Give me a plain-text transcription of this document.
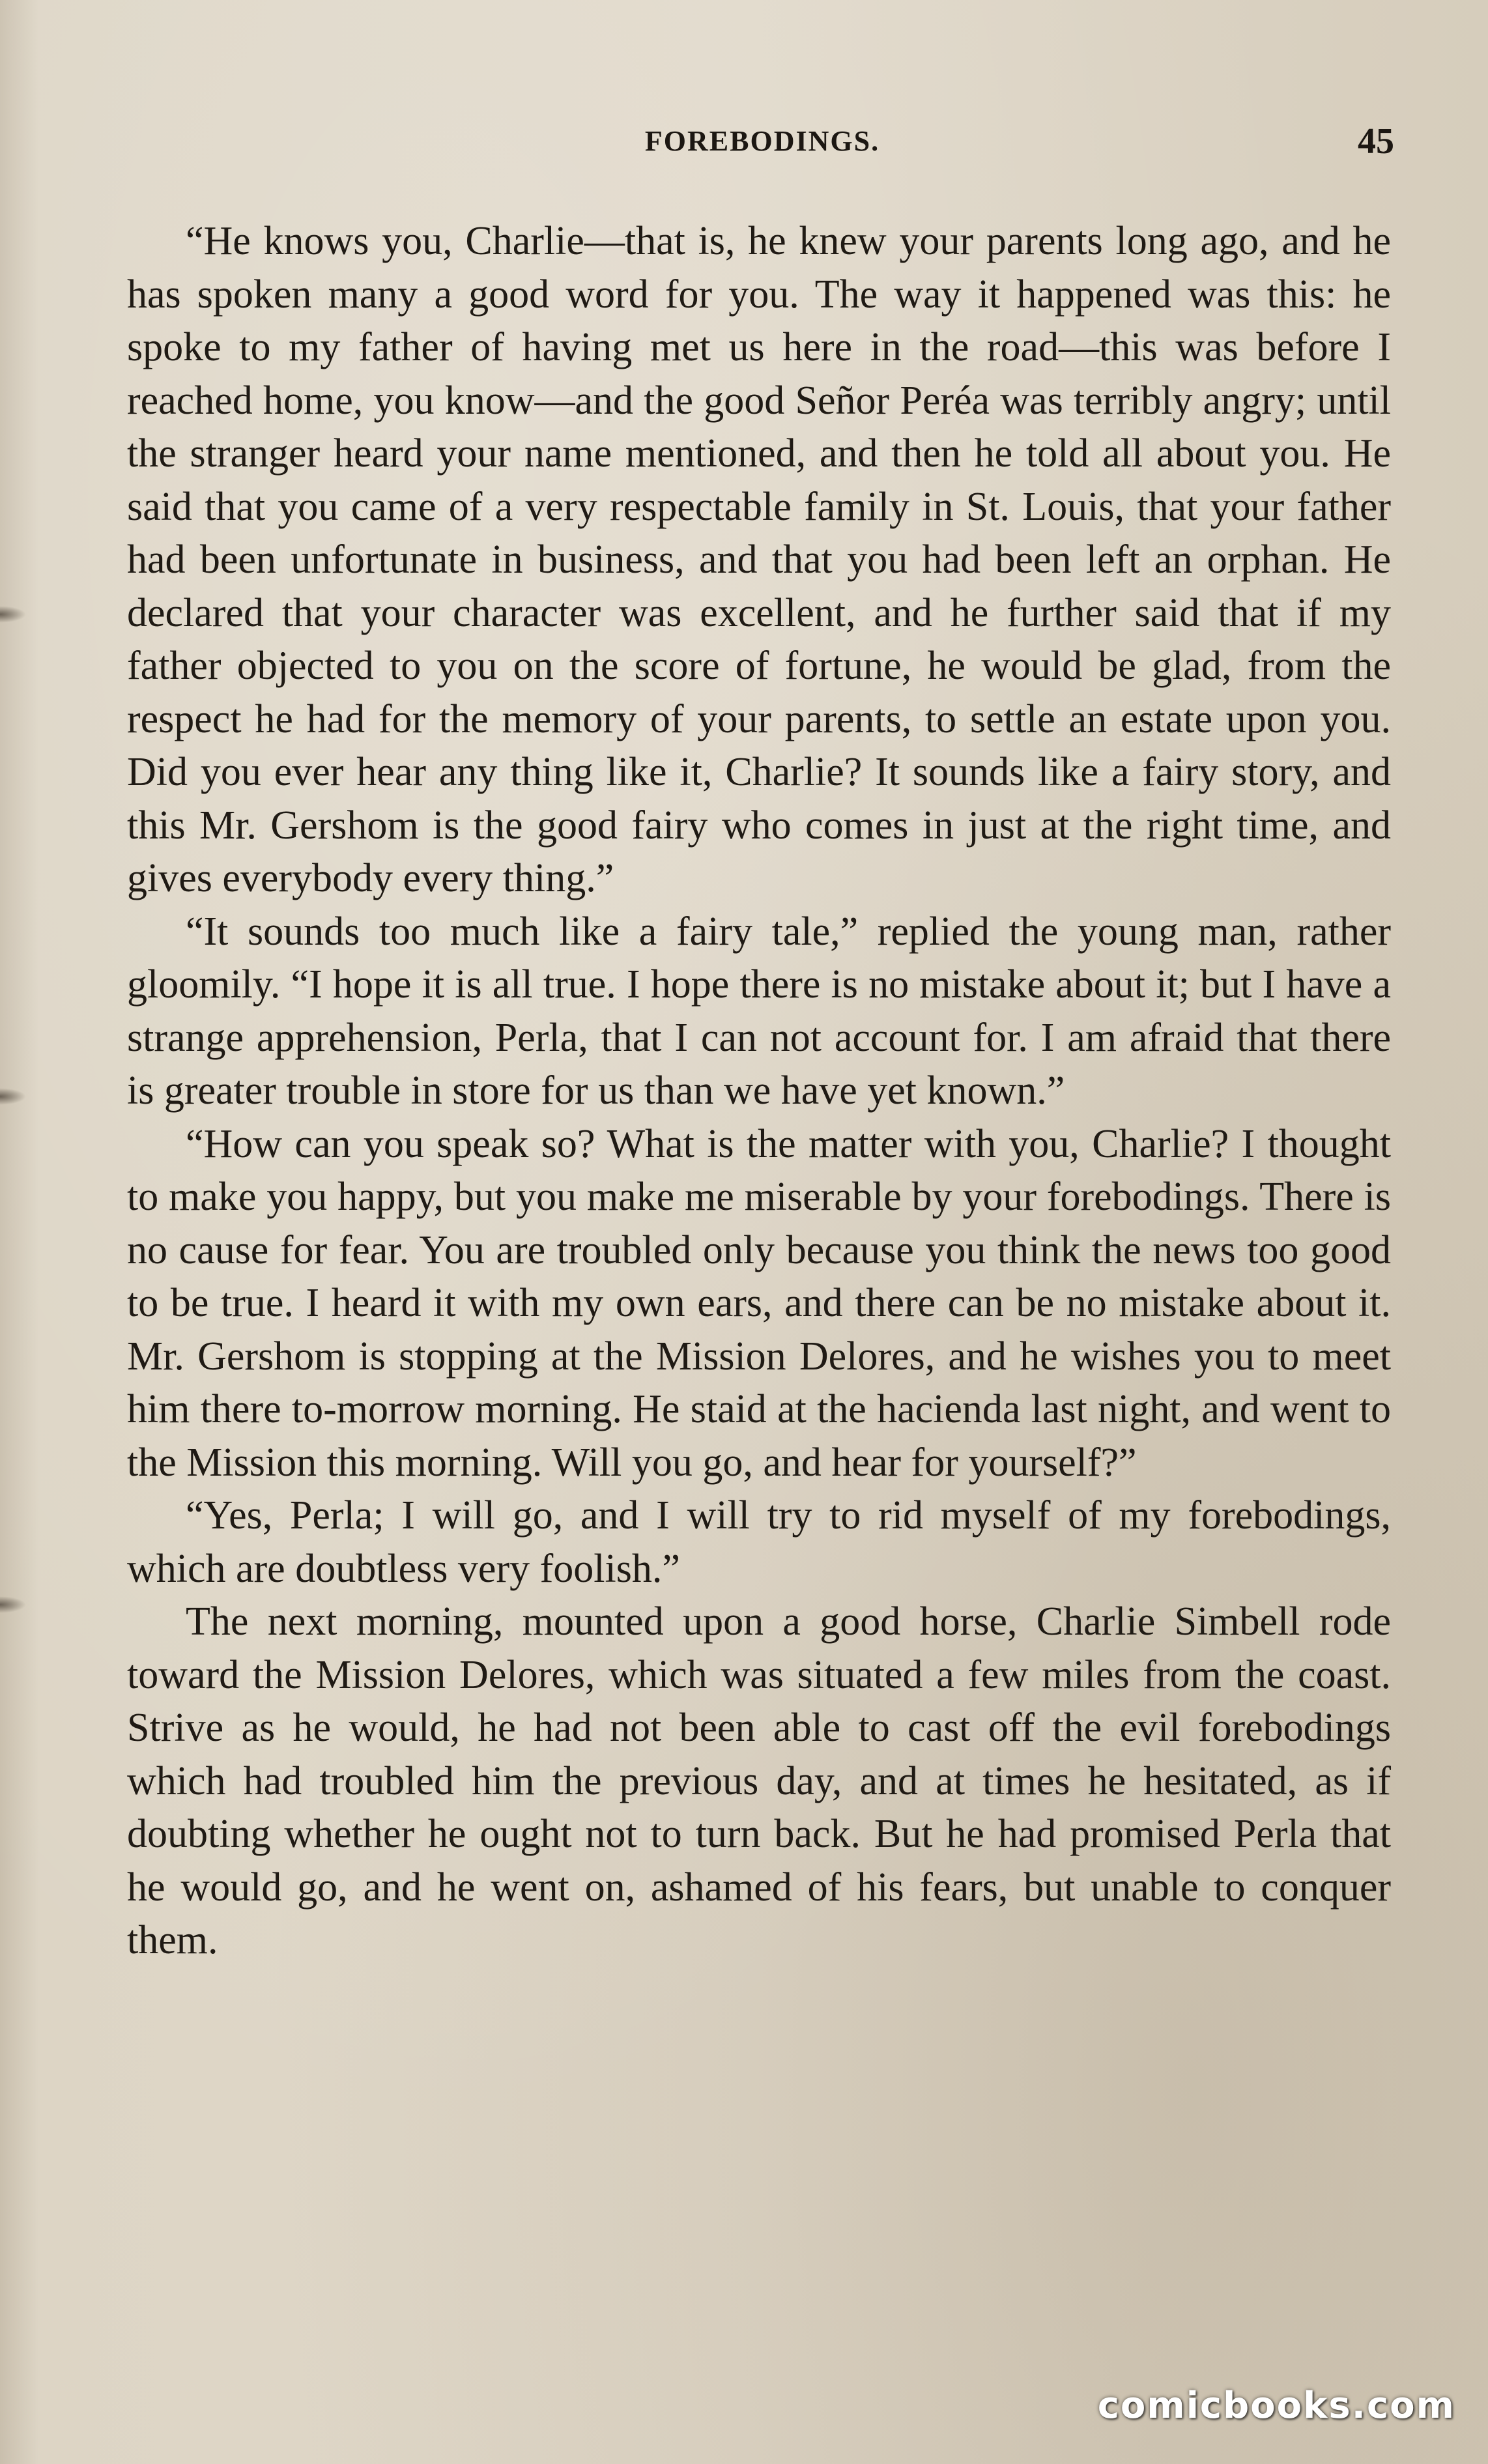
FOREBODINGS.	45

“He knows you, Charlie—that is, he knew your parents long ago, and he has spoken many a good word for you. The way it happened was this: he spoke to my father of having met us here in the road—this was before I reached home, you know—and the good Señor Peréa was terribly angry; until the stranger heard your name mentioned, and then he told all about you. He said that you came of a very respectable family in St. Louis, that your father had been unfortunate in business, and that you had been left an orphan. He declared that your character was excellent, and he further said that if my father objected to you on the score of fortune, he would be glad, from the respect he had for the memory of your parents, to settle an estate upon you. Did you ever hear any thing like it, Charlie? It sounds like a fairy story, and this Mr. Gershom is the good fairy who comes in just at the right time, and gives everybody every thing.”

“It sounds too much like a fairy tale,” replied the young man, rather gloomily. “I hope it is all true. I hope there is no mistake about it; but I have a strange apprehension, Perla, that I can not account for. I am afraid that there is greater trouble in store for us than we have yet known.”

“How can you speak so? What is the matter with you, Charlie? I thought to make you happy, but you make me miserable by your forebodings. There is no cause for fear. You are troubled only because you think the news too good to be true. I heard it with my own ears, and there can be no mistake about it. Mr. Gershom is stopping at the Mission Delores, and he wishes you to meet him there to-morrow morning. He staid at the hacienda last night, and went to the Mission this morning. Will you go, and hear for yourself?”

“Yes, Perla; I will go, and I will try to rid myself of my forebodings, which are doubtless very foolish.”

The next morning, mounted upon a good horse, Charlie Simbell rode toward the Mission Delores, which was situated a few miles from the coast. Strive as he would, he had not been able to cast off the evil forebodings which had troubled him the previous day, and at times he hesitated, as if doubting whether he ought not to turn back. But he had promised Perla that he would go, and he went on, ashamed of his fears, but unable to conquer them.

comicbooks.com
